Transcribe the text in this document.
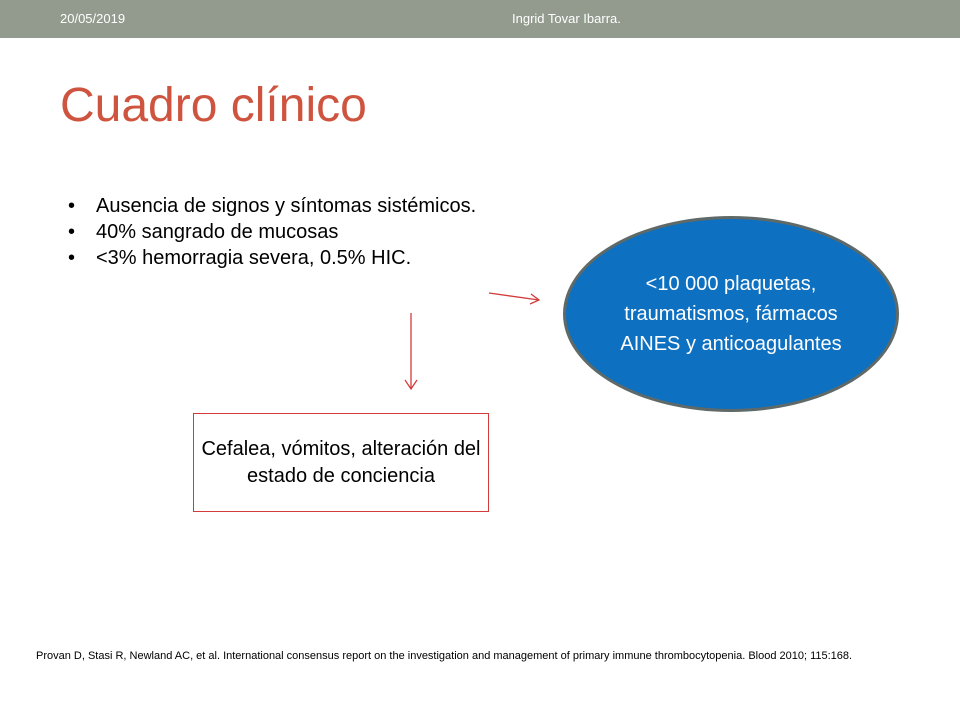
20/05/2019	Ingrid Tovar Ibarra.
Cuadro clínico
• Ausencia de signos y síntomas sistémicos.
• 40% sangrado de mucosas
• <3% hemorragia severa, 0.5% HIC.
<10 000 plaquetas, traumatismos, fármacos AINES y anticoagulantes
Cefalea, vómitos, alteración del estado de conciencia
Provan D, Stasi R, Newland AC, et al. International consensus report on the investigation and management of primary immune thrombocytopenia. Blood 2010; 115:168.
